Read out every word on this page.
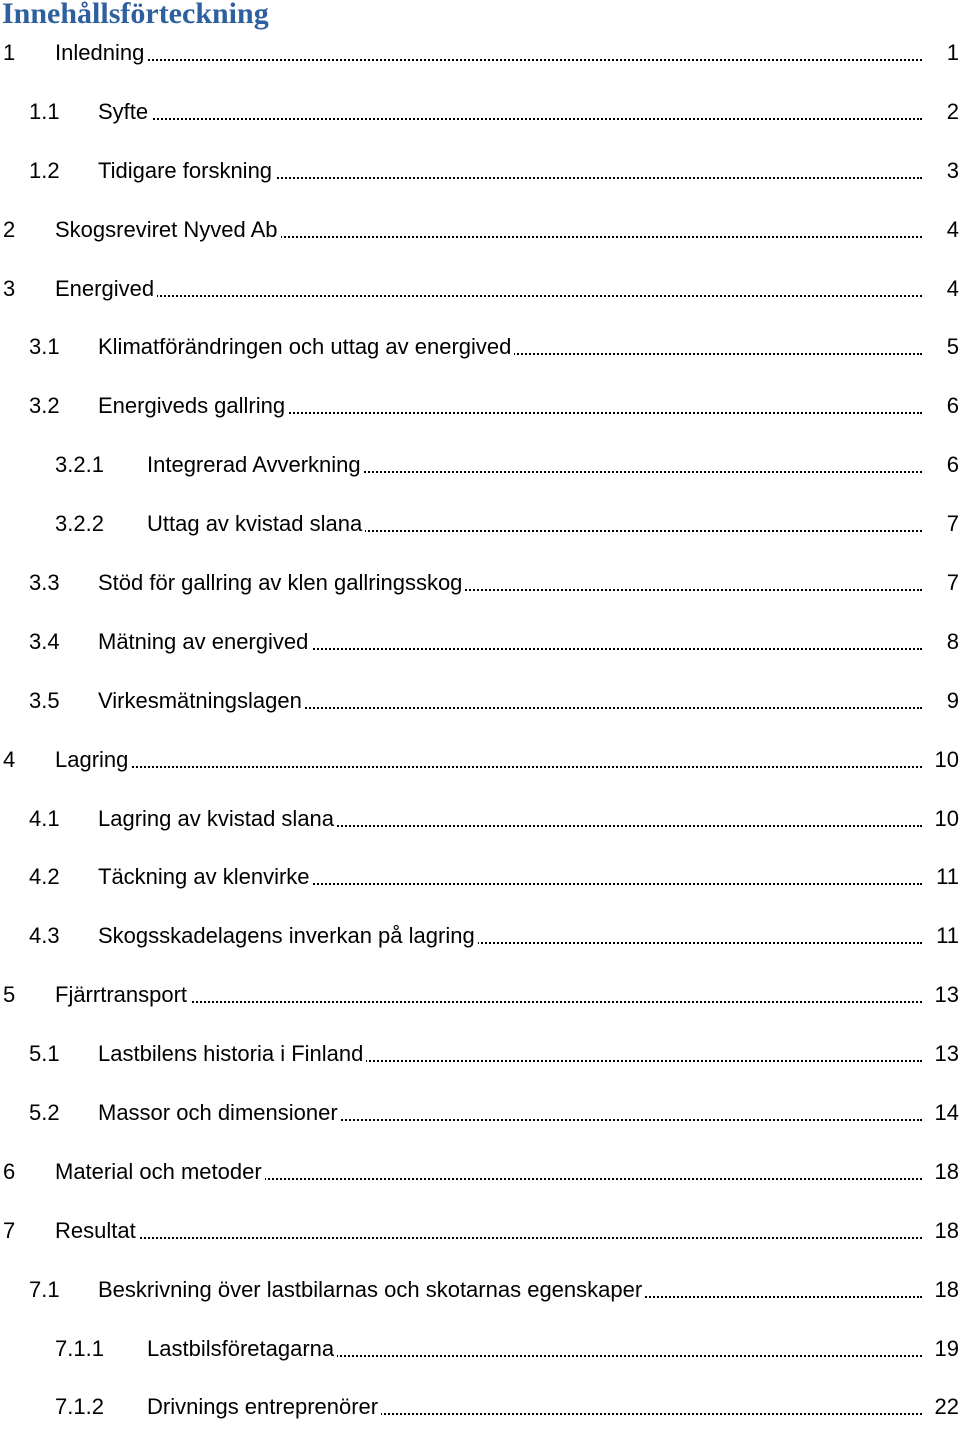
Innehållsförteckning
1 Inledning	1
1.1 Syfte	2
1.2 Tidigare forskning	3
2 Skogsreviret Nyved Ab	4
3 Energived	4
3.1 Klimatförändringen och uttag av energived	5
3.2 Energiveds gallring	6
3.2.1 Integrerad Avverkning	6
3.2.2 Uttag av kvistad slana	7
3.3 Stöd för gallring av klen gallringsskog	7
3.4 Mätning av energived	8
3.5 Virkesmätningslagen	9
4 Lagring	10
4.1 Lagring av kvistad slana	10
4.2 Täckning av klenvirke	11
4.3 Skogsskadelagens inverkan på lagring	11
5 Fjärrtransport	13
5.1 Lastbilens historia i Finland	13
5.2 Massor och dimensioner	14
6 Material och metoder	18
7 Resultat	18
7.1 Beskrivning över lastbilarnas och skotarnas egenskaper	18
7.1.1 Lastbilsföretagarna	19
7.1.2 Drivnings entreprenörer	22
